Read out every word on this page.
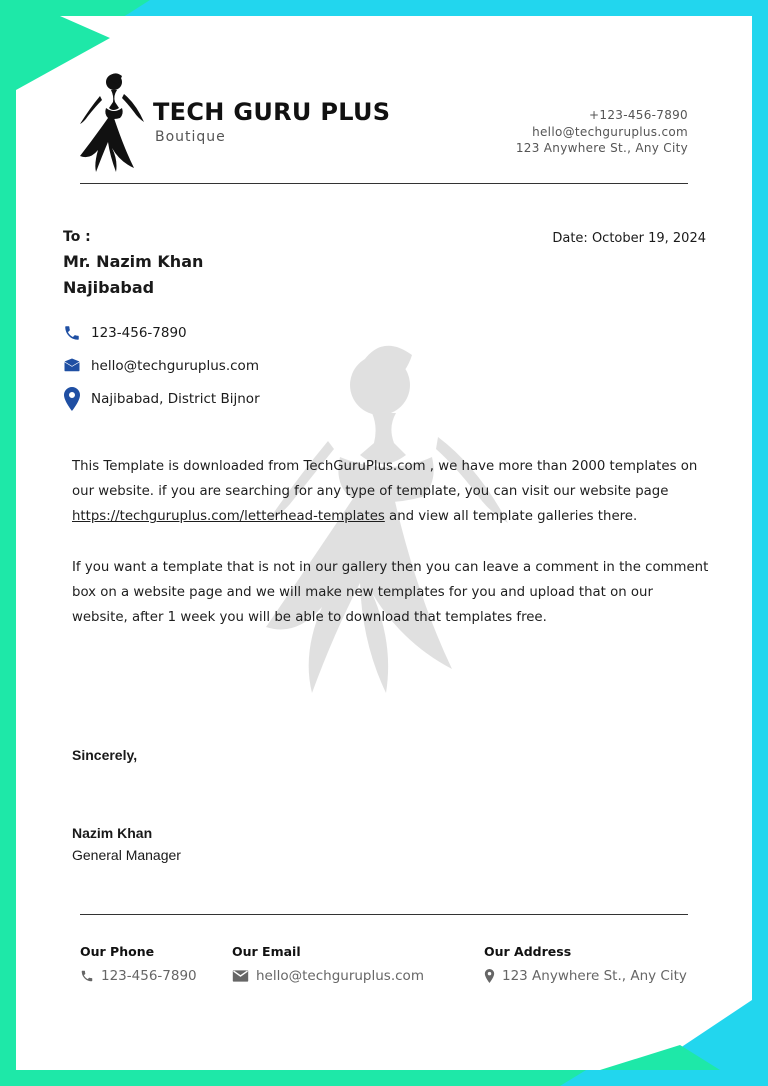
TECH GURU PLUS
Boutique
+123-456-7890
hello@techguruplus.com
123 Anywhere St., Any City
To :
Mr. Nazim Khan
Najibabad
Date: October 19, 2024
123-456-7890
hello@techguruplus.com
Najibabad, District Bijnor

This Template is downloaded from TechGuruPlus.com , we have more than 2000 templates on our website. if you are searching for any type of template, you can visit our website page https://techguruplus.com/letterhead-templates and view all template galleries there.

If you want a template that is not in our gallery then you can leave a comment in the comment box on a website page and we will make new templates for you and upload that on our website, after 1 week you will be able to download that templates free.

Sincerely,
Nazim Khan
General Manager
Our Phone
123-456-7890
Our Email
hello@techguruplus.com
Our Address
123 Anywhere St., Any City
